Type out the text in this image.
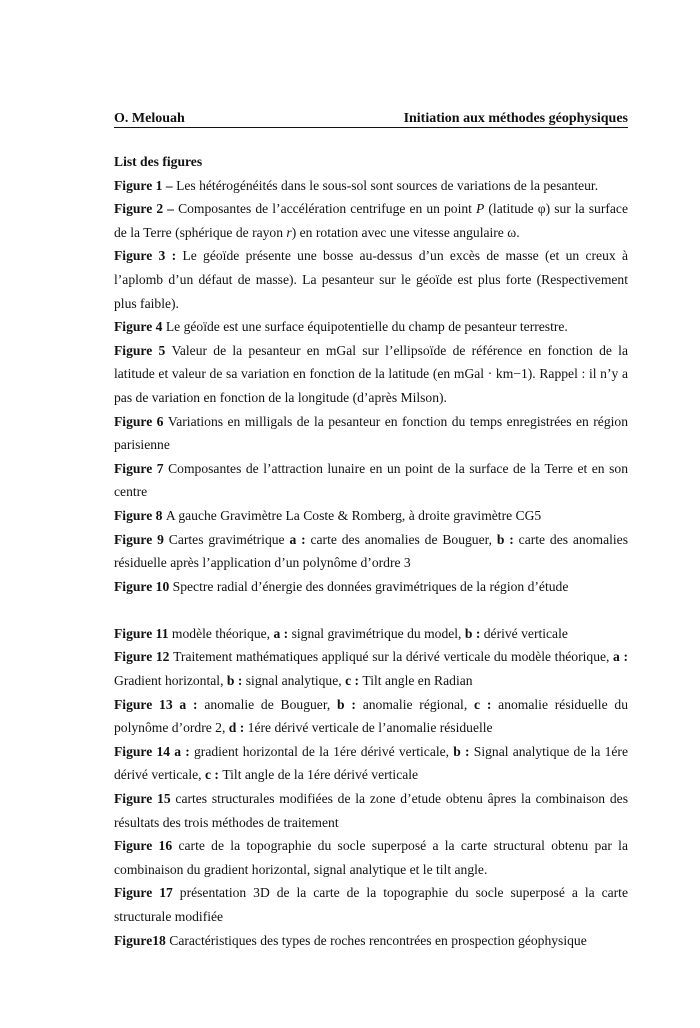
O. Melouah	Initiation aux méthodes géophysiques

List des figures

Figure 1 – Les hétérogénéités dans le sous-sol sont sources de variations de la pesanteur.

Figure 2 – Composantes de l’accélération centrifuge en un point P (latitude φ) sur la surface de la Terre (sphérique de rayon r) en rotation avec une vitesse angulaire ω.

Figure 3 : Le géoïde présente une bosse au-dessus d’un excès de masse (et un creux à l’aplomb d’un défaut de masse). La pesanteur sur le géoïde est plus forte (Respectivement plus faible).

Figure 4 Le géoïde est une surface équipotentielle du champ de pesanteur terrestre.

Figure 5 Valeur de la pesanteur en mGal sur l’ellipsoïde de référence en fonction de la latitude et valeur de sa variation en fonction de la latitude (en mGal · km−1). Rappel : il n’y a pas de variation en fonction de la longitude (d’après Milson).

Figure 6 Variations en milligals de la pesanteur en fonction du temps enregistrées en région parisienne

Figure 7 Composantes de l’attraction lunaire en un point de la surface de la Terre et en son centre

Figure 8 A gauche Gravimètre La Coste & Romberg, à droite gravimètre CG5

Figure 9 Cartes gravimétrique a : carte des anomalies de Bouguer, b : carte des anomalies résiduelle après l’application d’un polynôme d’ordre 3

Figure 10 Spectre radial d’énergie des données gravimétriques de la région d’étude

Figure 11 modèle théorique, a : signal gravimétrique du model, b : dérivé verticale

Figure 12 Traitement mathématiques appliqué sur la dérivé verticale du modèle théorique, a : Gradient horizontal, b : signal analytique, c : Tilt angle en Radian

Figure 13 a : anomalie de Bouguer, b : anomalie régional, c : anomalie résiduelle du polynôme d’ordre 2, d : 1ére dérivé verticale de l’anomalie résiduelle

Figure 14 a : gradient horizontal de la 1ére dérivé verticale, b : Signal analytique de la 1ére dérivé verticale, c : Tilt angle de la 1ére dérivé verticale

Figure 15 cartes structurales modifiées de la zone d’etude obtenu âpres la combinaison des résultats des trois méthodes de traitement

Figure 16 carte de la topographie du socle superposé a la carte structural obtenu par la combinaison du gradient horizontal, signal analytique et le tilt angle.

Figure 17 présentation 3D de la carte de la topographie du socle superposé a la carte structurale modifiée

Figure18 Caractéristiques des types de roches rencontrées en prospection géophysique
